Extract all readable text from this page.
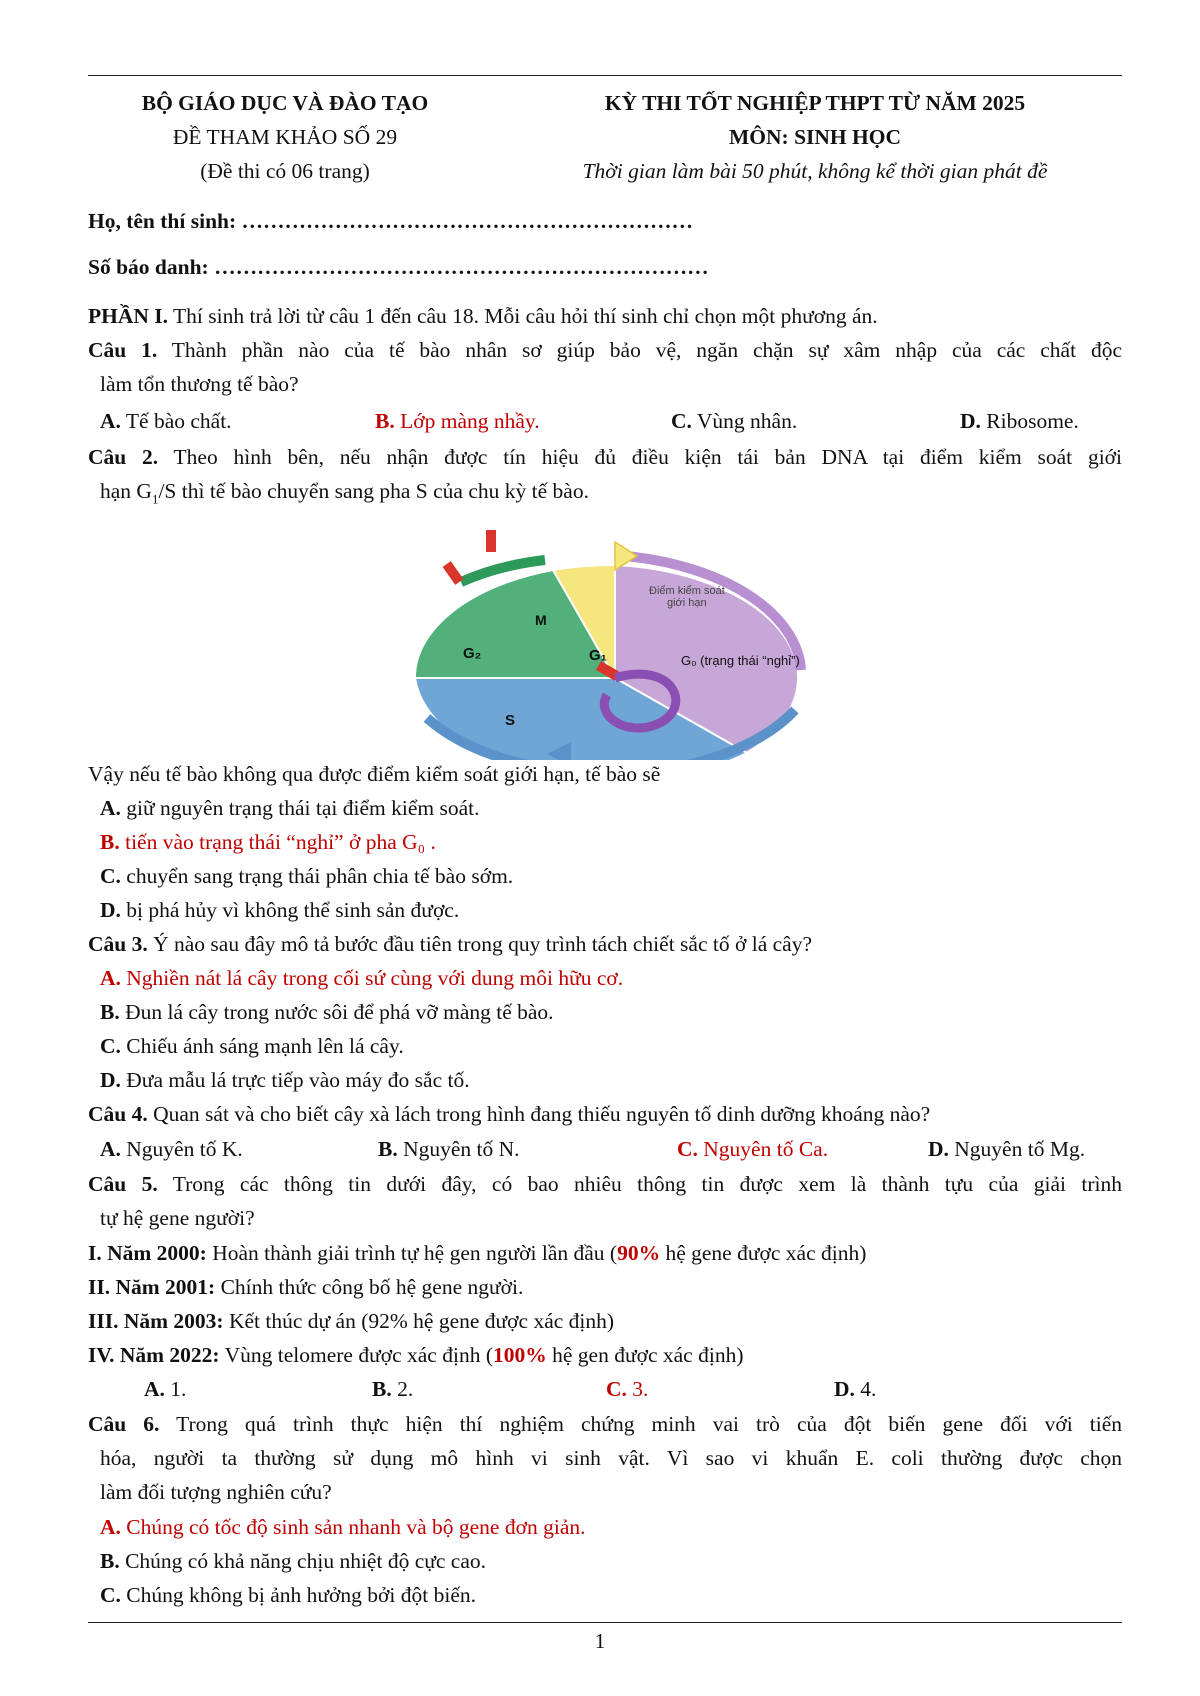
BỘ GIÁO DỤC VÀ ĐÀO TẠO
ĐỀ THAM KHẢO SỐ 29
(Đề thi có 06 trang)
KỲ THI TỐT NGHIỆP THPT TỪ NĂM 2025
MÔN: SINH HỌC
Thời gian làm bài 50 phút, không kể thời gian phát đề
Họ, tên thí sinh: ………………………………………………………
Số báo danh: ……………………………………………………………
PHẦN I. Thí sinh trả lời từ câu 1 đến câu 18. Mỗi câu hỏi thí sinh chỉ chọn một phương án.
Câu 1. Thành phần nào của tế bào nhân sơ giúp bảo vệ, ngăn chặn sự xâm nhập của các chất độc
làm tổn thương tế bào?
A. Tế bào chất.	B. Lớp màng nhầy.	C. Vùng nhân.	D. Ribosome.
Câu 2. Theo hình bên, nếu nhận được tín hiệu đủ điều kiện tái bản DNA tại điểm kiểm soát giới
hạn $G_1/S$ thì tế bào chuyển sang pha S của chu kỳ tế bào.
Điểm kiểm soát
giới hạn
G₀ (trạng thái “nghỉ”)
M
G₁
G₂
S
Vậy nếu tế bào không qua được điểm kiểm soát giới hạn, tế bào sẽ
A. giữ nguyên trạng thái tại điểm kiểm soát.
B. tiến vào trạng thái “nghỉ” ở pha G₀ .
C. chuyển sang trạng thái phân chia tế bào sớm.
D. bị phá hủy vì không thể sinh sản được.
Câu 3. Ý nào sau đây mô tả bước đầu tiên trong quy trình tách chiết sắc tố ở lá cây?
A. Nghiền nát lá cây trong cối sứ cùng với dung môi hữu cơ.
B. Đun lá cây trong nước sôi để phá vỡ màng tế bào.
C. Chiếu ánh sáng mạnh lên lá cây.
D. Đưa mẫu lá trực tiếp vào máy đo sắc tố.
Câu 4. Quan sát và cho biết cây xà lách trong hình đang thiếu nguyên tố dinh dưỡng khoáng nào?
A. Nguyên tố K.	B. Nguyên tố N.	C. Nguyên tố Ca.	D. Nguyên tố Mg.
Câu 5. Trong các thông tin dưới đây, có bao nhiêu thông tin được xem là thành tựu của giải trình
tự hệ gene người?
I. Năm 2000: Hoàn thành giải trình tự hệ gen người lần đầu (90% hệ gene được xác định)
II. Năm 2001: Chính thức công bố hệ gene người.
III. Năm 2003: Kết thúc dự án (92% hệ gene được xác định)
IV. Năm 2022: Vùng telomere được xác định (100% hệ gen được xác định)
A. 1.	B. 2.	C. 3.	D. 4.
Câu 6. Trong quá trình thực hiện thí nghiệm chứng minh vai trò của đột biến gene đối với tiến
hóa, người ta thường sử dụng mô hình vi sinh vật. Vì sao vi khuẩn E. coli thường được chọn
làm đối tượng nghiên cứu?
A. Chúng có tốc độ sinh sản nhanh và bộ gene đơn giản.
B. Chúng có khả năng chịu nhiệt độ cực cao.
C. Chúng không bị ảnh hưởng bởi đột biến.
1
